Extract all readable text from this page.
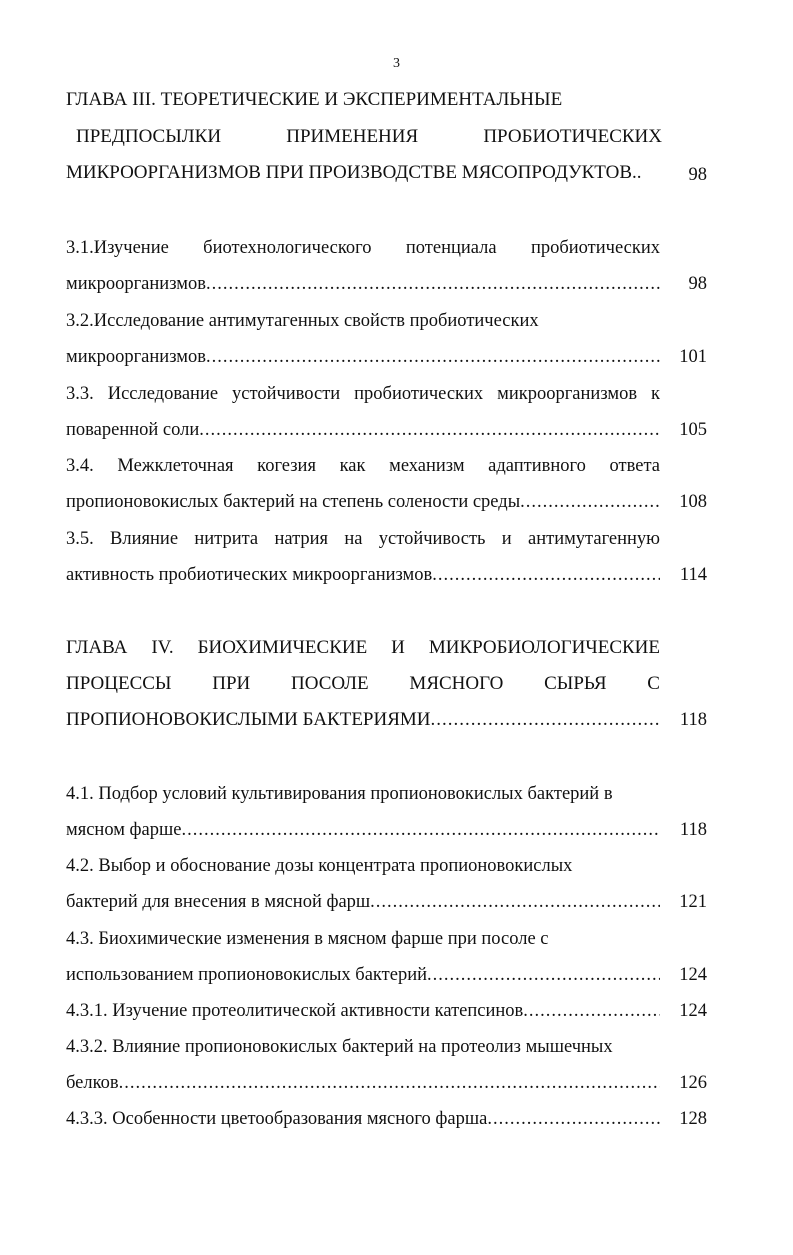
3
ГЛАВА III. ТЕОРЕТИЧЕСКИЕ И ЭКСПЕРИМЕНТАЛЬНЫЕ
ПРЕДПОСЫЛКИ	ПРИМЕНЕНИЯ	ПРОБИОТИЧЕСКИХ
МИКРООРГАНИЗМОВ ПРИ ПРОИЗВОДСТВЕ МЯСОПРОДУКТОВ..	98
3.1.Изучение биотехнологического потенциала пробиотических
микроорганизмов .....	98
3.2.Исследование антимутагенных свойств пробиотических
микроорганизмов .....	101
3.3. Исследование устойчивости пробиотических микроорганизмов к
поваренной соли .....	105
3.4. Межклеточная когезия как механизм адаптивного ответа
пропионовокислых бактерий на степень солености среды .....	108
3.5. Влияние нитрита натрия на устойчивость и антимутагенную
активность пробиотических микроорганизмов .....	114
ГЛАВА IV. БИОХИМИЧЕСКИЕ И МИКРОБИОЛОГИЧЕСКИЕ
ПРОЦЕССЫ ПРИ ПОСОЛЕ МЯСНОГО СЫРЬЯ С
ПРОПИОНОВОКИСЛЫМИ БАКТЕРИЯМИ .....	118
4.1. Подбор условий культивирования пропионовокислых бактерий в
мясном фарше .....	118
4.2. Выбор и обоснование дозы концентрата пропионовокислых
бактерий для внесения в мясной фарш .....	121
4.3. Биохимические изменения в мясном фарше при посоле с
использованием пропионовокислых бактерий .....	124
4.3.1. Изучение протеолитической активности катепсинов .....	124
4.3.2. Влияние пропионовокислых бактерий на протеолиз мышечных
белков .....	126
4.3.3. Особенности цветообразования мясного фарша .....	128
